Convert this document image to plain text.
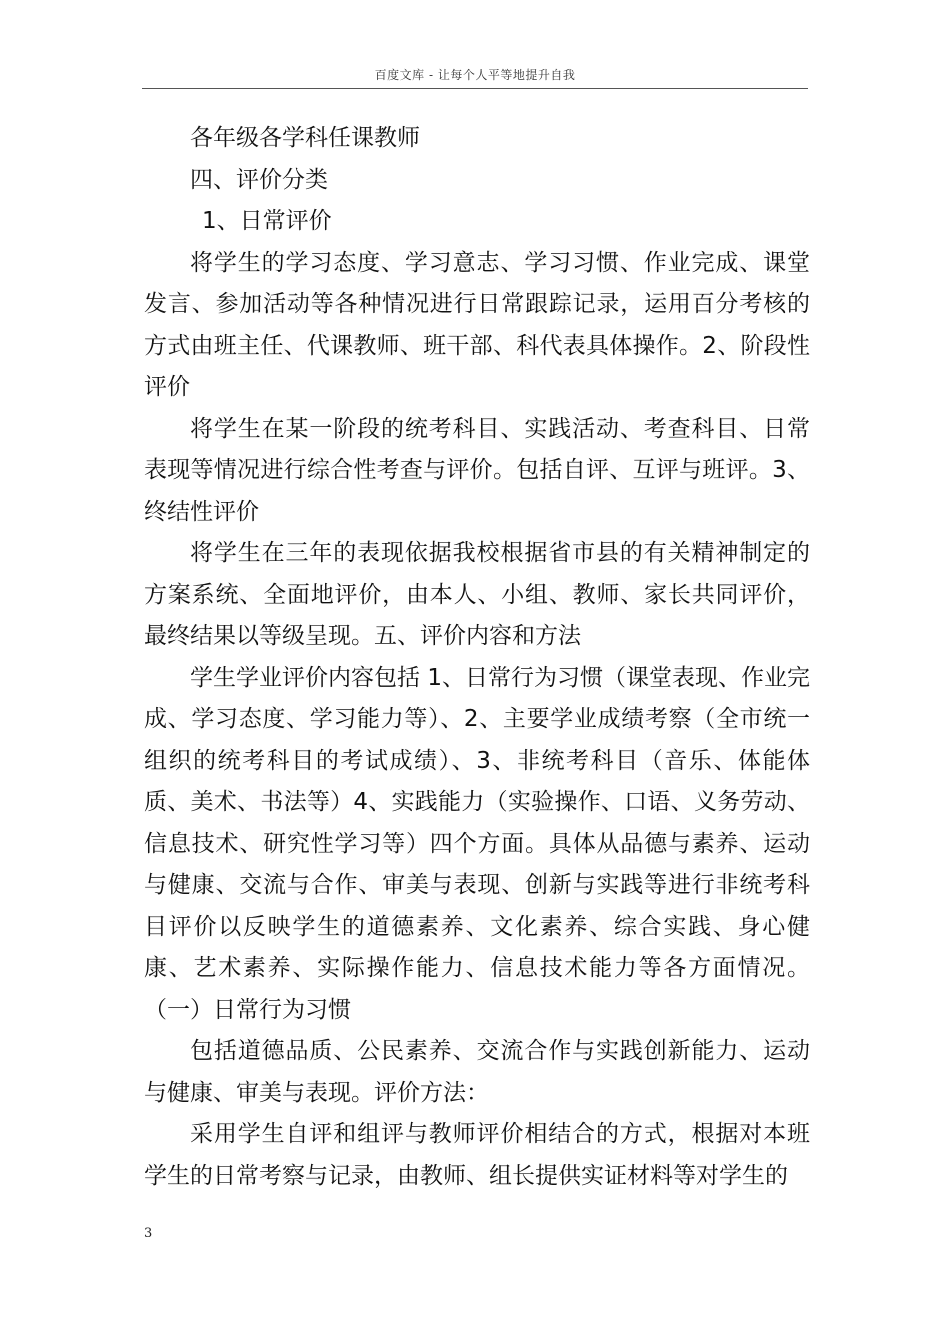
百度文库 - 让每个人平等地提升自我

各年级各学科任课教师

四、评价分类

1、日常评价

将学生的学习态度、学习意志、学习习惯、作业完成、课堂发言、参加活动等各种情况进行日常跟踪记录，运用百分考核的方式由班主任、代课教师、班干部、科代表具体操作。2、阶段性评价

将学生在某一阶段的统考科目、实践活动、考查科目、日常表现等情况进行综合性考查与评价。包括自评、互评与班评。3、终结性评价

将学生在三年的表现依据我校根据省市县的有关精神制定的方案系统、全面地评价，由本人、小组、教师、家长共同评价，最终结果以等级呈现。五、评价内容和方法

学生学业评价内容包括 1、日常行为习惯（课堂表现、作业完成、学习态度、学习能力等）、2、主要学业成绩考察（全市统一组织的统考科目的考试成绩）、3、非统考科目（音乐、体能体质、美术、书法等）4、实践能力（实验操作、口语、义务劳动、信息技术、研究性学习等）四个方面。具体从品德与素养、运动与健康、交流与合作、审美与表现、创新与实践等进行非统考科目评价以反映学生的道德素养、文化素养、综合实践、身心健康、艺术素养、实际操作能力、信息技术能力等各方面情况。（一）日常行为习惯

包括道德品质、公民素养、交流合作与实践创新能力、运动与健康、审美与表现。评价方法：

采用学生自评和组评与教师评价相结合的方式，根据对本班学生的日常考察与记录，由教师、组长提供实证材料等对学生的

3
